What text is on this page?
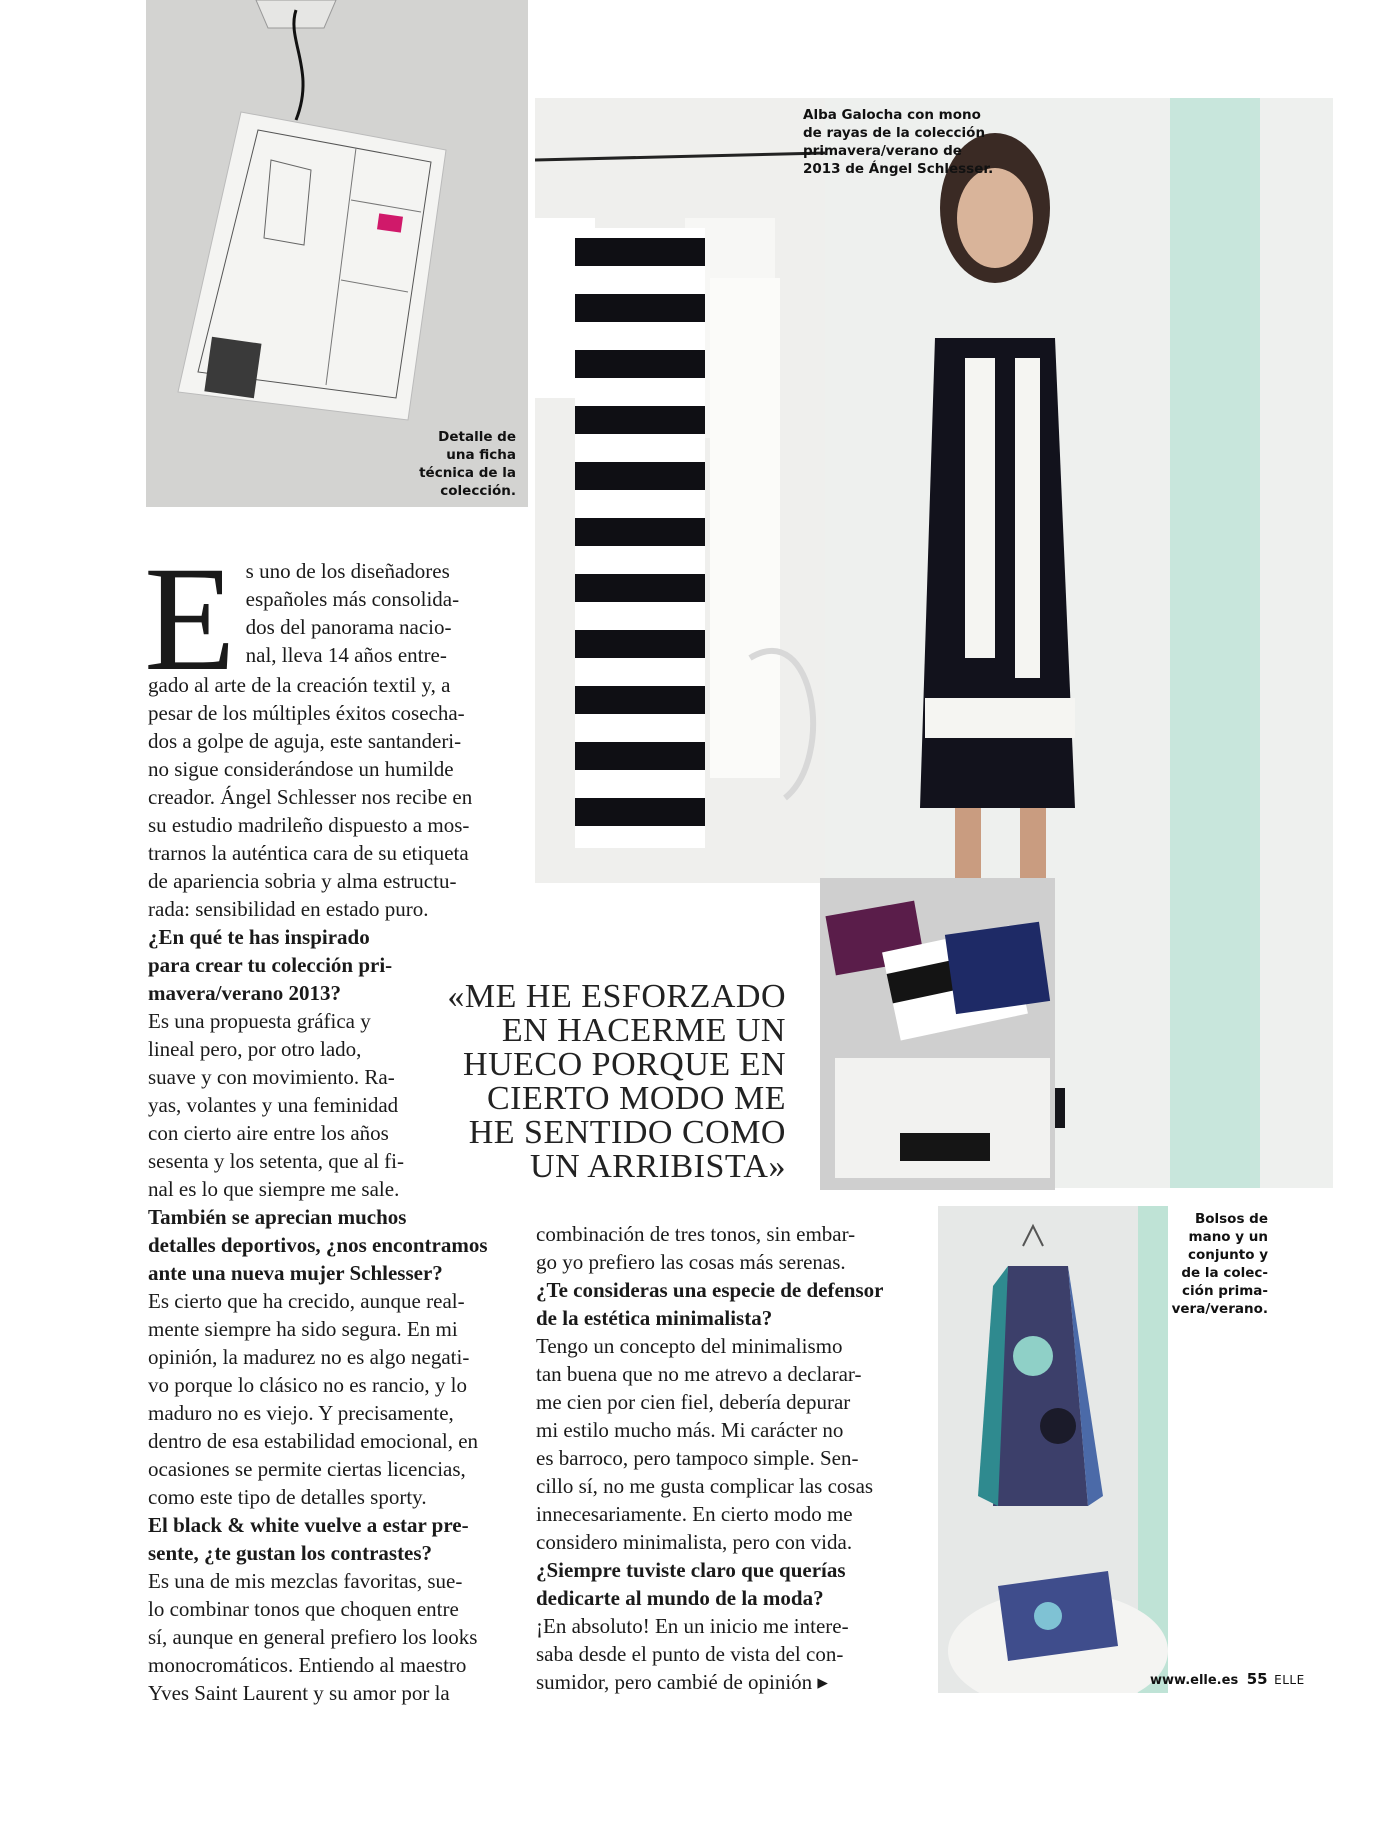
Detalle de
una ficha
técnica de la
colección.
Alba Galocha con mono
de rayas de la colección
primavera/verano de
2013 de Ángel Schlesser.
Bolsos de
mano y un
conjunto y
de la colec-
ción prima-
vera/verano.
«ME HE ESFORZADO
EN HACERME UN
HUECO PORQUE EN
CIERTO MODO ME
HE SENTIDO COMO
UN ARRIBISTA»
E s uno de los diseñadores

españoles más consolida-

dos del panorama nacio-

nal, lleva 14 años entre-

gado al arte de la creación textil y, a

pesar de los múltiples éxitos cosecha-

dos a golpe de aguja, este santanderi-

no sigue considerándose un humilde

creador. Ángel Schlesser nos recibe en

su estudio madrileño dispuesto a mos-

trarnos la auténtica cara de su etiqueta

de apariencia sobria y alma estructu-

rada: sensibilidad en estado puro.

¿En qué te has inspirado

para crear tu colección pri-

mavera/verano 2013?

Es una propuesta gráfica y

lineal pero, por otro lado,

suave y con movimiento. Ra-

yas, volantes y una feminidad

con cierto aire entre los años

sesenta y los setenta, que al fi-

nal es lo que siempre me sale.

También se aprecian muchos

detalles deportivos, ¿nos encontramos

ante una nueva mujer Schlesser?

Es cierto que ha crecido, aunque real-

mente siempre ha sido segura. En mi

opinión, la madurez no es algo negati-

vo porque lo clásico no es rancio, y lo

maduro no es viejo. Y precisamente,

dentro de esa estabilidad emocional, en

ocasiones se permite ciertas licencias,

como este tipo de detalles sporty.

El black & white vuelve a estar pre-

sente, ¿te gustan los contrastes?

Es una de mis mezclas favoritas, sue-

lo combinar tonos que choquen entre

sí, aunque en general prefiero los looks

monocromáticos. Entiendo al maestro

Yves Saint Laurent y su amor por la

combinación de tres tonos, sin embar-

go yo prefiero las cosas más serenas.

¿Te consideras una especie de defensor

de la estética minimalista?

Tengo un concepto del minimalismo

tan buena que no me atrevo a declarar-

me cien por cien fiel, debería depurar

mi estilo mucho más. Mi carácter no

es barroco, pero tampoco simple. Sen-

cillo sí, no me gusta complicar las cosas

innecesariamente. En cierto modo me

considero minimalista, pero con vida.

¿Siempre tuviste claro que querías

dedicarte al mundo de la moda?

¡En absoluto! En un inicio me intere-

saba desde el punto de vista del con-

sumidor, pero cambié de opinión ▸	www.elle.es 55 ELLE
